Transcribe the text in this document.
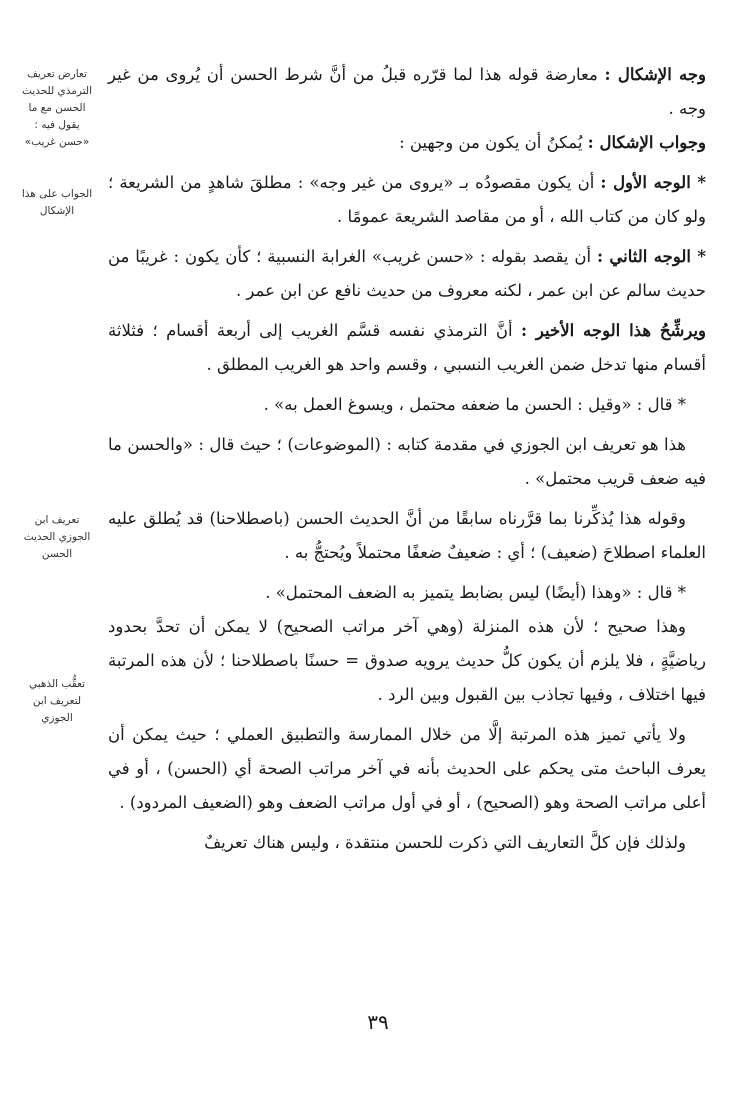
تعارض تعريف الترمذي للحديث الحسن مع ما يقول فيه : «حسن غريب»
الجواب على هذا الإشكال
تعريف ابن الجوزي الحديث الحسن
تعقُّب الذهبي لتعريف ابن الجوزي

وجه الإشكال : معارضة قوله هذا لما قرّره قبلُ من أنَّ شرط الحسن أن يُروى من غير وجه .

وجواب الإشكال : يُمكنُ أن يكون من وجهين :

* الوجه الأول : أن يكون مقصودُه بـ «يروى من غير وجه» : مطلقَ شاهدٍ من الشريعة ؛ ولو كان من كتاب الله ، أو من مقاصد الشريعة عمومًا .

* الوجه الثاني : أن يقصد بقوله : «حسن غريب» الغرابة النسبية ؛ كأن يكون : غريبًا من حديث سالم عن ابن عمر ، لكنه معروف من حديث نافع عن ابن عمر .

ويرشِّحُ هذا الوجه الأخير : أنَّ الترمذي نفسه قسَّم الغريب إلى أربعة أقسام ؛ فثلاثة أقسام منها تدخل ضمن الغريب النسبي ، وقسم واحد هو الغريب المطلق .

* قال : «وقيل : الحسن ما ضعفه محتمل ، ويسوغ العمل به» .

هذا هو تعريف ابن الجوزي في مقدمة كتابه : (الموضوعات) ؛ حيث قال : «والحسن ما فيه ضعف قريب محتمل» .

وقوله هذا يُذكِّرنا بما قرَّرناه سابقًا من أنَّ الحديث الحسن (باصطلاحنا) قد يُطلق عليه العلماء اصطلاحَ (ضعيف) ؛ أي : ضعيفٌ ضعفًا محتملاً ويُحتجُّ به .

* قال : «وهذا (أيضًا) ليس بضابط يتميز به الضعف المحتمل» .

وهذا صحيح ؛ لأن هذه المنزلة (وهي آخر مراتب الصحيح) لا يمكن أن تحدَّ بحدود رياضيَّةٍ ، فلا يلزم أن يكون كلُّ حديث يرويه صدوق = حسنًا باصطلاحنا ؛ لأن هذه المرتبة فيها اختلاف ، وفيها تجاذب بين القبول وبين الرد .

ولا يأتي تميز هذه المرتبة إلَّا من خلال الممارسة والتطبيق العملي ؛ حيث يمكن أن يعرف الباحث متى يحكم على الحديث بأنه في آخر مراتب الصحة أي (الحسن) ، أو في أعلى مراتب الصحة وهو (الصحيح) ، أو في أول مراتب الضعف وهو (الضعيف المردود) .

ولذلك فإن كلَّ التعاريف التي ذكرت للحسن منتقدة ، وليس هناك تعريفٌ

٣٩
